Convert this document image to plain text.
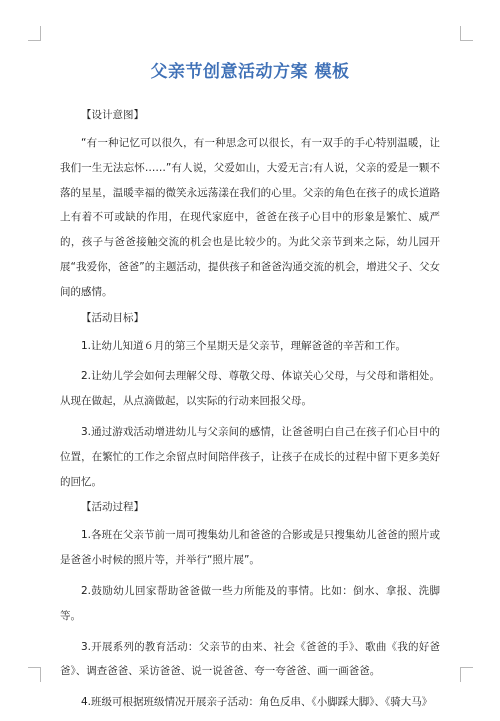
父亲节创意活动方案 模板
【设计意图】

“有一种记忆可以很久，有一种思念可以很长，有一双手的手心特别温暖，让我们一生无法忘怀……”有人说，父爱如山，大爱无言;有人说，父亲的爱是一颗不落的星星，温暖幸福的微笑永远荡漾在我们的心里。父亲的角色在孩子的成长道路上有着不可或缺的作用，在现代家庭中，爸爸在孩子心目中的形象是繁忙、威严的，孩子与爸爸接触交流的机会也是比较少的。为此父亲节到来之际，幼儿园开展“我爱你，爸爸”的主题活动，提供孩子和爸爸沟通交流的机会，增进父子、父女间的感情。

【活动目标】

1.让幼儿知道６月的第三个星期天是父亲节，理解爸爸的辛苦和工作。

2.让幼儿学会如何去理解父母、尊敬父母、体谅关心父母，与父母和谐相处。从现在做起，从点滴做起，以实际的行动来回报父母。

3.通过游戏活动增进幼儿与父亲间的感情，让爸爸明白自己在孩子们心目中的位置，在繁忙的工作之余留点时间陪伴孩子，让孩子在成长的过程中留下更多美好的回忆。

【活动过程】

1.各班在父亲节前一周可搜集幼儿和爸爸的合影或是只搜集幼儿爸爸的照片或是爸爸小时候的照片等，并举行“照片展”。

2.鼓励幼儿回家帮助爸爸做一些力所能及的事情。比如：倒水、拿报、洗脚等。

3.开展系列的教育活动：父亲节的由来、社会《爸爸的手》、歌曲《我的好爸爸》、调查爸爸、采访爸爸、说一说爸爸、夸一夸爸爸、画一画爸爸。

4.班级可根据班级情况开展亲子活动：角色反串、《小脚踩大脚》、《骑大马》
